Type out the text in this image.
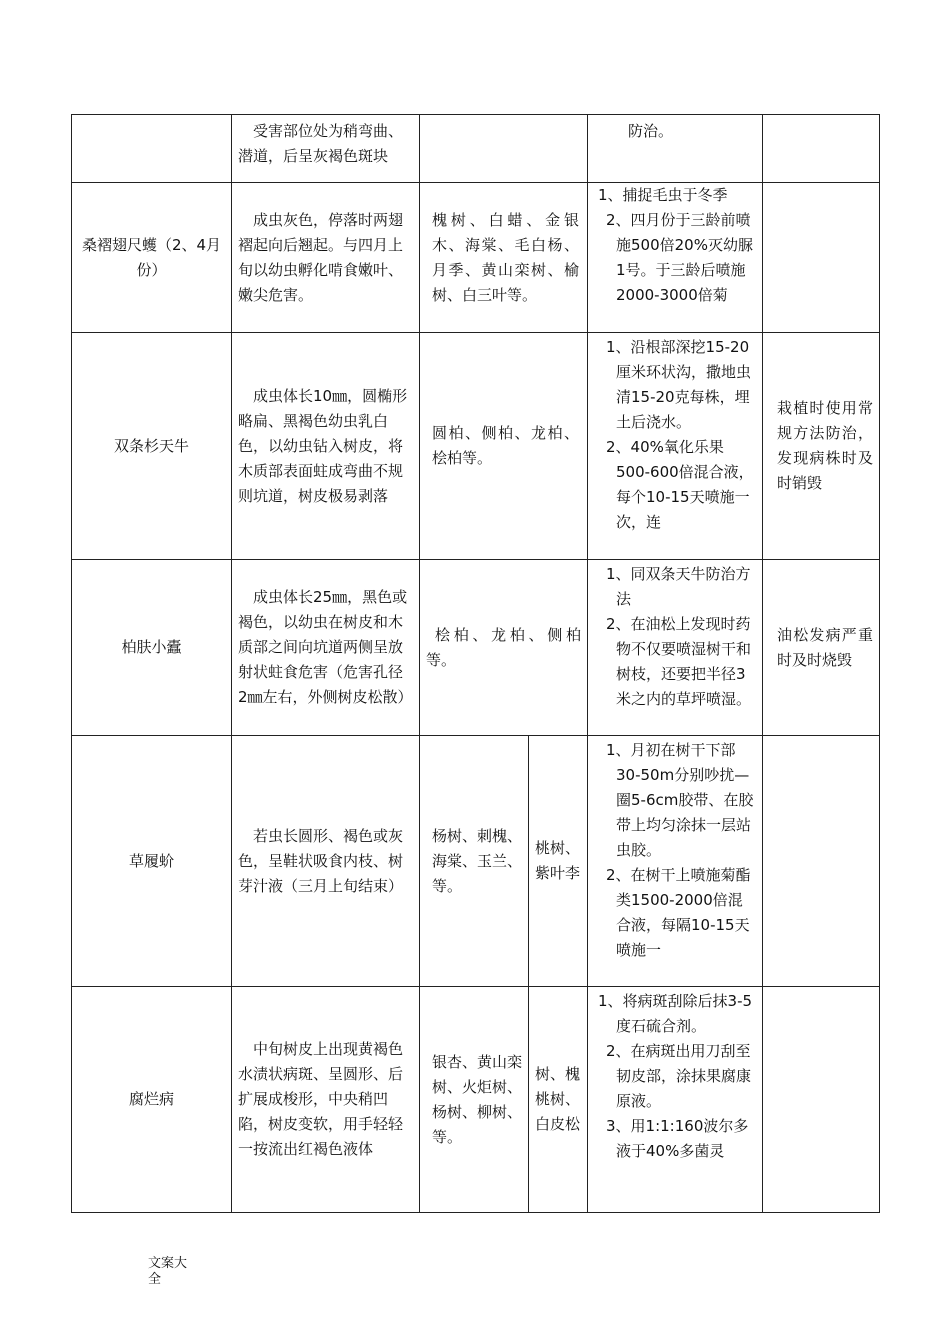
	受害部位处为稍弯曲、潜道，后呈灰褐色斑块			防治。	

桑褶翅尺蠖（2、4月份）	成虫灰色，停落时两翅褶起向后翘起。与四月上旬以幼虫孵化啃食嫩叶、嫩尖危害。	槐树、白蜡、金银木、海棠、毛白杨、月季、黄山栾树、榆树、白三叶等。		1、捕捉毛虫于冬季
2、四月份于三龄前喷施500倍20%灭幼脲1号。于三龄后喷施2000-3000倍菊	

双条杉天牛	成虫体长10㎜，圆椭形略扁、黑褐色幼虫乳白色，以幼虫钻入树皮，将木质部表面蛀成弯曲不规则坑道，树皮极易剥落	圆柏、侧柏、龙柏、桧柏等。		1、沿根部深挖15-20厘米环状沟，撒地虫清15-20克每株，埋土后浇水。
2、40%氧化乐果500-600倍混合液，每个10-15天喷施一次，连	栽植时使用常规方法防治，发现病株时及时销毁

柏肤小蠹	成虫体长25㎜，黑色或褐色，以幼虫在树皮和木质部之间向坑道两侧呈放射状蛀食危害（危害孔径2㎜左右，外侧树皮松散）	桧柏、龙柏、侧柏等。		1、同双条天牛防治方法
2、在油松上发现时药物不仅要喷湿树干和树枝，还要把半径3米之内的草坪喷湿。	油松发病严重时及时烧毁

草履蚧	若虫长圆形、褐色或灰色，呈鞋状吸食内枝、树芽汁液（三月上旬结束）	杨树、刺槐、海棠、玉兰、等。	桃树、紫叶李	1、月初在树干下部30-50m分别吵扰—圈5-6cm胶带、在胶带上均匀涂抹一层站虫胶。
2、在树干上喷施菊酯类1500-2000倍混合液，每隔10-15天喷施一	

腐烂病	中旬树皮上出现黄褐色水渍状病斑、呈圆形、后扩展成梭形，中央稍凹陷，树皮变软，用手轻轻一按流出红褐色液体	银杏、黄山栾树、火炬树、杨树、柳树、等。	树、槐桃树、白皮松	1、将病斑刮除后抹3-5度石硫合剂。
2、在病斑出用刀刮至韧皮部，涂抹果腐康原液。
3、用1:1:160波尔多液于40%多菌灵	

文案大全
